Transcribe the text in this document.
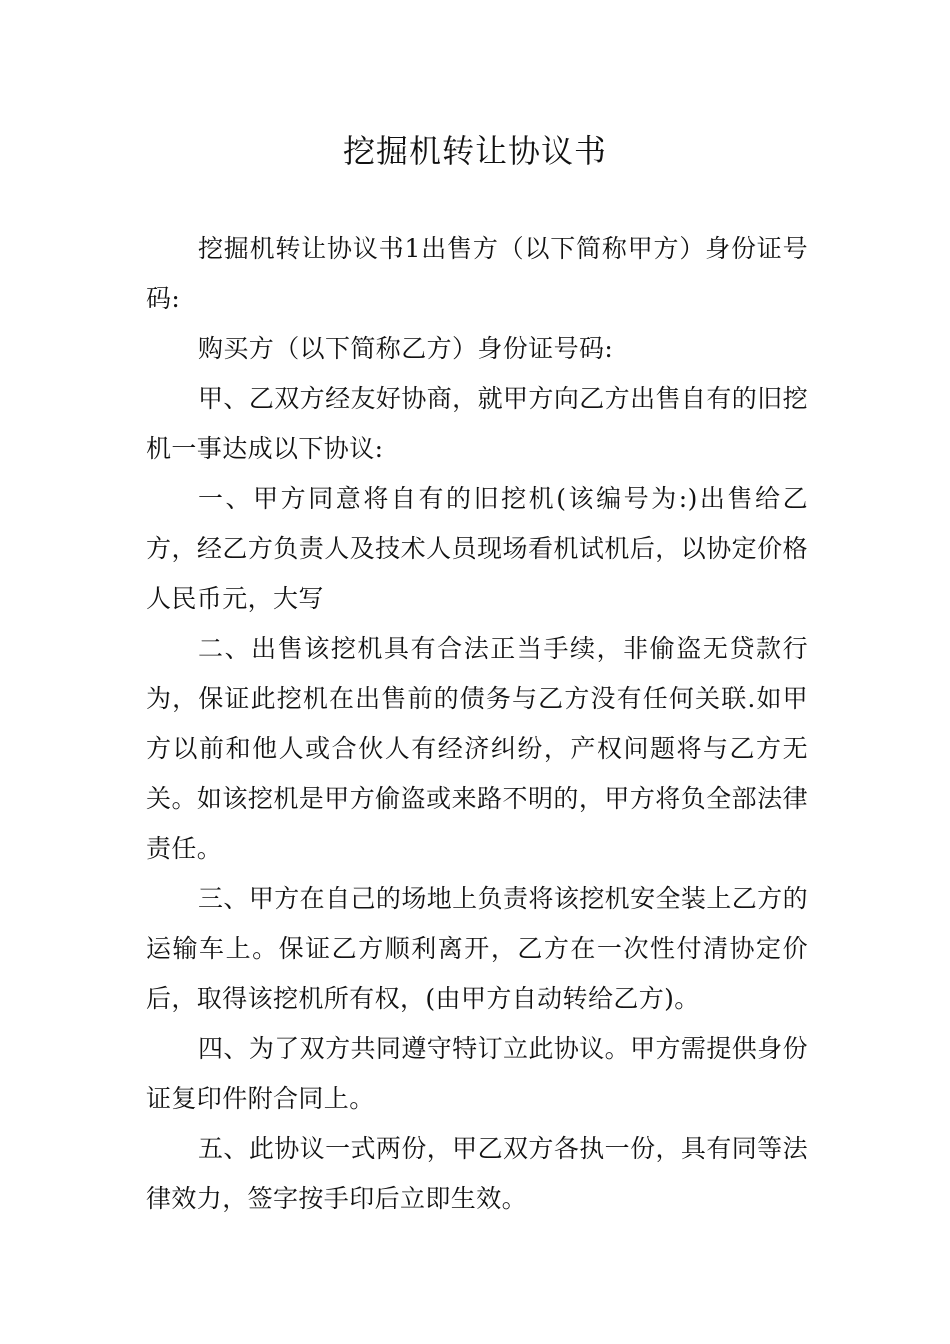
挖掘机转让协议书

挖掘机转让协议书1出售方（以下简称甲方）身份证号码:

购买方（以下简称乙方）身份证号码:

甲、乙双方经友好协商，就甲方向乙方出售自有的旧挖机一事达成以下协议:

一、甲方同意将自有的旧挖机(该编号为:)出售给乙方，经乙方负责人及技术人员现场看机试机后，以协定价格人民币元，大写

二、出售该挖机具有合法正当手续，非偷盗无贷款行为，保证此挖机在出售前的债务与乙方没有任何关联.如甲方以前和他人或合伙人有经济纠纷，产权问题将与乙方无关。如该挖机是甲方偷盗或来路不明的，甲方将负全部法律责任。

三、甲方在自己的场地上负责将该挖机安全装上乙方的运输车上。保证乙方顺利离开，乙方在一次性付清协定价后，取得该挖机所有权，(由甲方自动转给乙方)。

四、为了双方共同遵守特订立此协议。甲方需提供身份证复印件附合同上。

五、此协议一式两份，甲乙双方各执一份，具有同等法律效力，签字按手印后立即生效。
